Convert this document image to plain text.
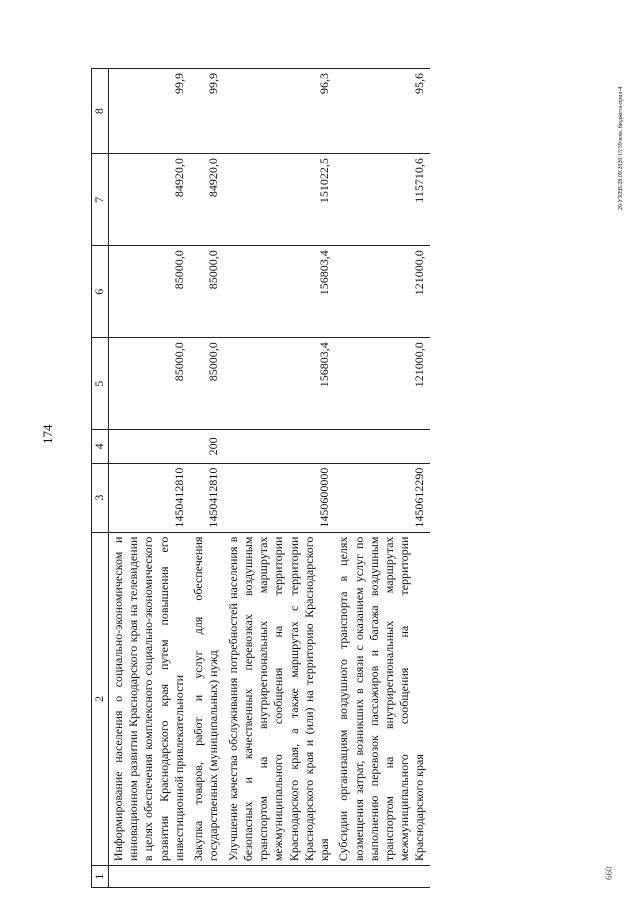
174
20.УХЕВ/28.09.2020/15:59/изм. бюджета-прил-4
660
1	2	3	4	5	6	7	8
	Информирование населения о социально-экономическом и инновационном развитии Краснодарского края на телевидении в целях обеспечения комплексного социально-экономического развития Краснодарского края путем повышения его инвестиционной привлекательности	1450412810		85000,0	85000,0	84920,0	99,9
	Закупка товаров, работ и услуг для обеспечения государственных (муниципальных) нужд	1450412810	200	85000,0	85000,0	84920,0	99,9
	Улучшение качества обслуживания потребностей населения в безопасных и качественных перевозках воздушным транспортом на внутрирегиональных маршрутах межмуниципального сообщения на территории Краснодарского края, а также маршрутах с территории Краснодарского края и (или) на территорию Краснодарского края	1450600000		156803,4	156803,4	151022,5	96,3
	Субсидии организациям воздушного транспорта в целях возмещения затрат, возникших в связи с оказанием услуг по выполнению перевозок пассажиров и багажа воздушным транспортом на внутрирегиональных маршрутах межмуниципального сообщения на территории Краснодарского края	1450612290		121000,0	121000,0	115710,6	95,6
